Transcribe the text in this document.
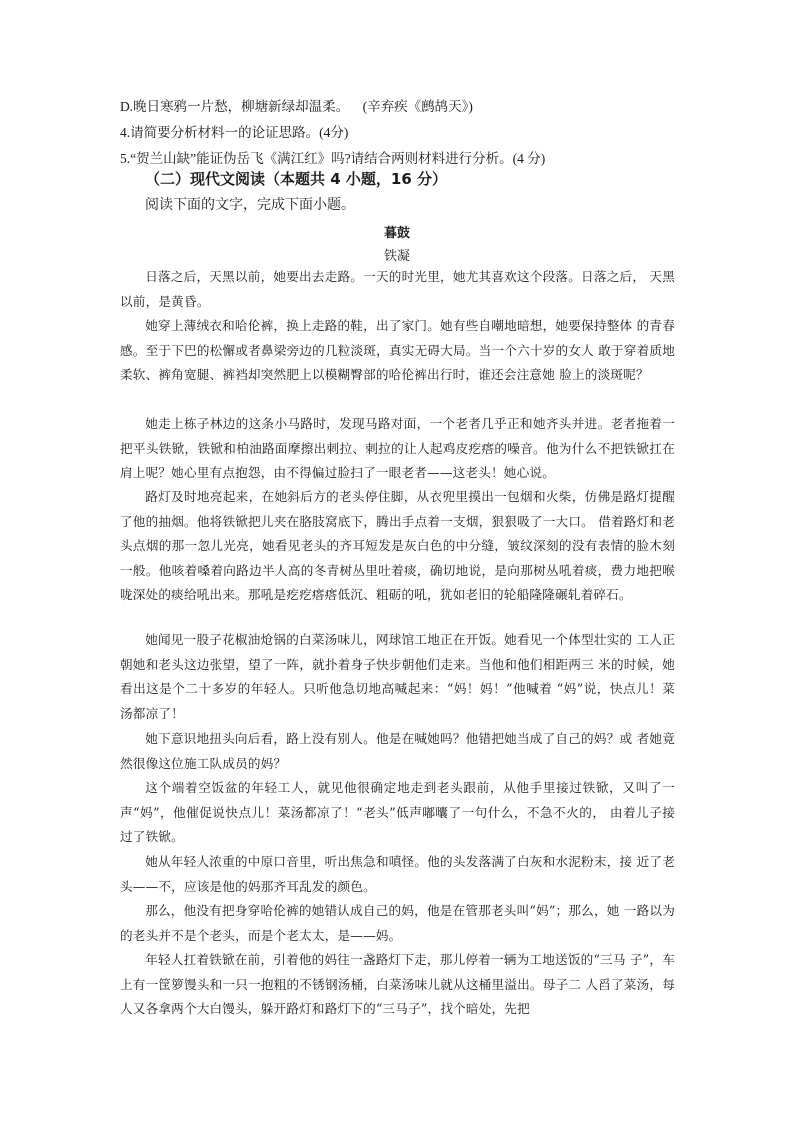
D.晚日寒鸦一片愁，柳塘新绿却温柔。    (辛弃疾《鹧鸪天》)
4.请简要分析材料一的论证思路。(4分)
5.“贺兰山缺”能证伪岳飞《满江红》吗?请结合两则材料进行分析。(4 分)
（二）现代文阅读（本题共 4 小题，16 分）
阅读下面的文字，完成下面小题。
暮鼓
铁凝
日落之后，天黑以前，她要出去走路。一天的时光里，她尤其喜欢这个段落。日落之后， 天黑以前，是黄昏。
她穿上薄绒衣和哈伦裤，换上走路的鞋，出了家门。她有些自嘲地暗想，她要保持整体 的青春感。至于下巴的松懈或者鼻梁旁边的几粒淡斑，真实无碍大局。当一个六十岁的女人 敢于穿着质地柔软、裤角宽腿、裤裆却突然肥上以模糊臀部的哈伦裤出行时，谁还会注意她 脸上的淡斑呢？
她走上栋子林边的这条小马路时，发现马路对面，一个老者几乎正和她齐头并进。老者拖着一把平头铁锨，铁锨和柏油路面摩擦出刺拉、刺拉的让人起鸡皮疙瘩的噪音。他为什么不把铁锨扛在肩上呢？她心里有点抱怨，由不得偏过脸扫了一眼老者——这老头！她心说。
路灯及时地亮起来，在她斜后方的老头停住脚，从衣兜里摸出一包烟和火柴，仿佛是路灯提醒了他的抽烟。他将铁锨把儿夹在胳肢窝底下，腾出手点着一支烟，狠狠吸了一大口。 借着路灯和老头点烟的那一忽儿光亮，她看见老头的齐耳短发是灰白色的中分缝，皱纹深刻的没有表情的脸木刻一般。他咳着嗓着向路边半人高的冬青树丛里吐着痰，确切地说，是向那树丛吼着痰，费力地把喉咙深处的痰给吼出来。那吼是疙疙瘩瘩低沉、粗砺的吼，犹如老旧的轮船隆隆碾轧着碎石。
她闻见一股子花椒油炝锅的白菜汤味儿，网球馆工地正在开饭。她看见一个体型壮实的 工人正朝她和老头这边张望，望了一阵，就扑着身子快步朝他们走来。当他和他们相距两三 米的时候，她看出这是个二十多岁的年轻人。只听他急切地高喊起来：“妈！妈！”他喊着 “妈”说，快点儿！菜汤都凉了！
她下意识地扭头向后看，路上没有别人。他是在喊她吗？他错把她当成了自己的妈？或 者她竟然很像这位施工队成员的妈？
这个端着空饭盆的年轻工人，就见他很确定地走到老头跟前，从他手里接过铁锨，又叫了一声“妈”，他催促说快点儿！菜汤都凉了！“老头”低声嘟囔了一句什么，不急不火的， 由着儿子接过了铁锨。
她从年轻人浓重的中原口音里，听出焦急和嗔怪。他的头发落满了白灰和水泥粉末，接 近了老头——不，应该是他的妈那齐耳乱发的颜色。
那么，他没有把身穿哈伦裤的她错认成自己的妈，他是在管那老头叫“妈”；那么，她 一路以为的老头并不是个老头，而是个老太太，是——妈。
年轻人扛着铁锨在前，引着他的妈往一盏路灯下走，那儿停着一辆为工地送饭的“三马 子”，车上有一筐箩馒头和一只一抱粗的不锈钢汤桶，白菜汤味儿就从这桶里溢出。母子二 人舀了菜汤，每人又各拿两个大白馒头，躲开路灯和路灯下的“三马子”，找个暗处，先把
